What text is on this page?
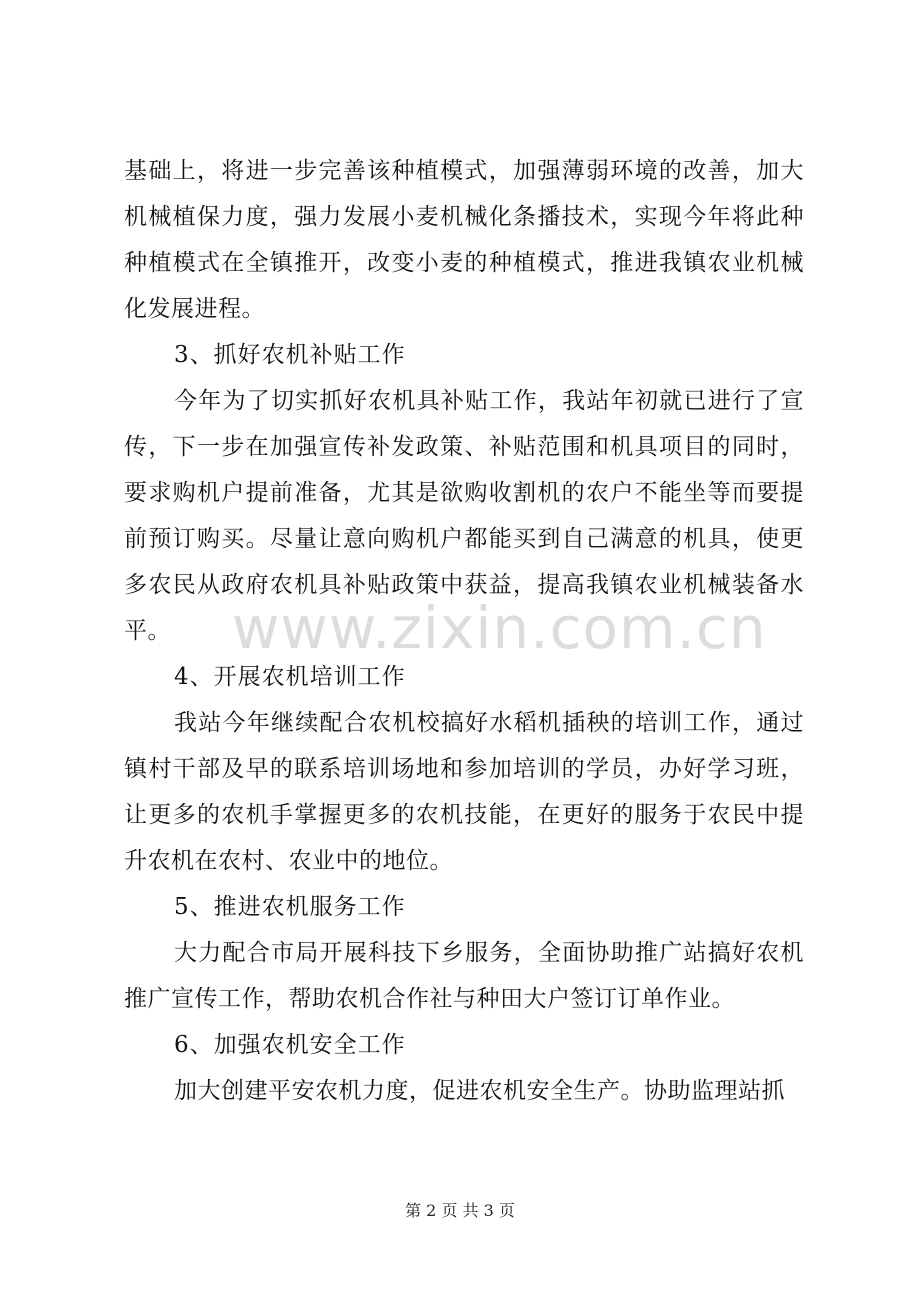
www.zixin.com.cn
基础上，将进一步完善该种植模式，加强薄弱环境的改善，加大
机械植保力度，强力发展小麦机械化条播技术，实现今年将此种
种植模式在全镇推开，改变小麦的种植模式，推进我镇农业机械
化发展进程。
3、抓好农机补贴工作
今年为了切实抓好农机具补贴工作，我站年初就已进行了宣
传，下一步在加强宣传补发政策、补贴范围和机具项目的同时，
要求购机户提前准备，尤其是欲购收割机的农户不能坐等而要提
前预订购买。尽量让意向购机户都能买到自己满意的机具，使更
多农民从政府农机具补贴政策中获益，提高我镇农业机械装备水
平。
4、开展农机培训工作
我站今年继续配合农机校搞好水稻机插秧的培训工作，通过
镇村干部及早的联系培训场地和参加培训的学员，办好学习班，
让更多的农机手掌握更多的农机技能，在更好的服务于农民中提
升农机在农村、农业中的地位。
5、推进农机服务工作
大力配合市局开展科技下乡服务，全面协助推广站搞好农机
推广宣传工作，帮助农机合作社与种田大户签订订单作业。
6、加强农机安全工作
加大创建平安农机力度，促进农机安全生产。协助监理站抓
第 2 页 共 3 页
